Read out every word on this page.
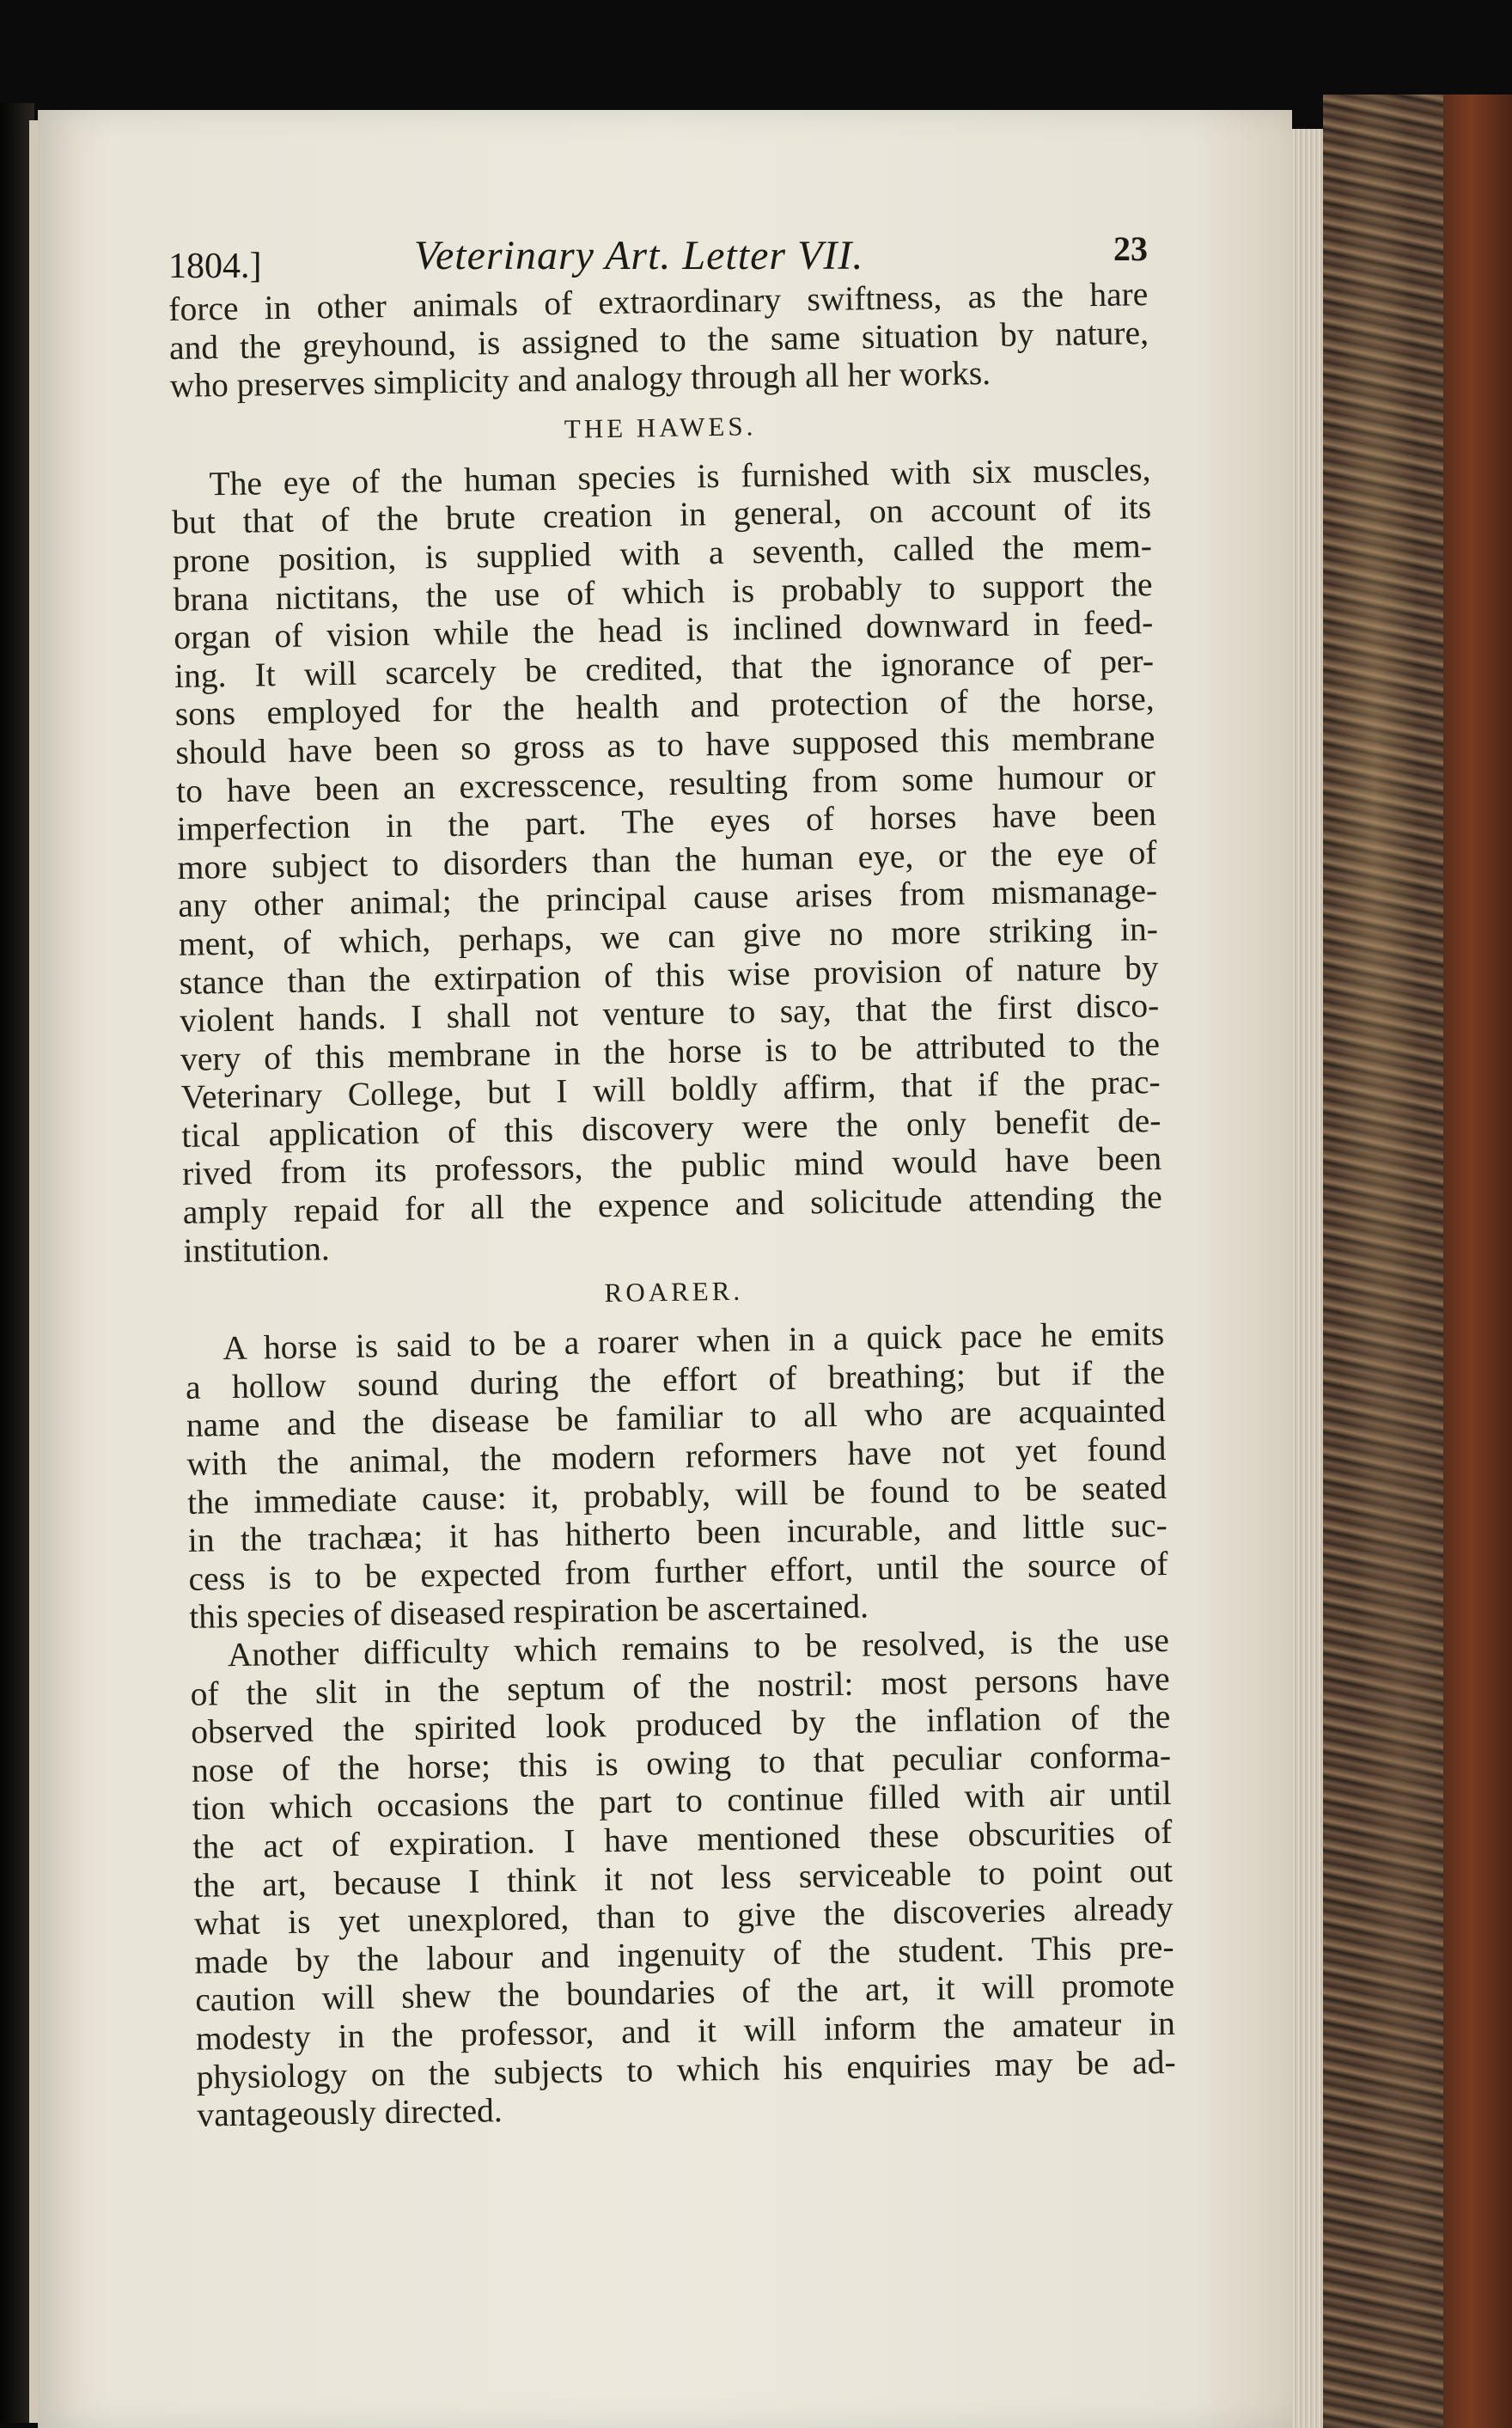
1804.]	Veterinary Art. Letter VII.	23
force in other animals of extraordinary swiftness, as the hare
and the greyhound, is assigned to the same situation by nature,
who preserves simplicity and analogy through all her works.
THE HAWES.
The eye of the human species is furnished with six muscles,
but that of the brute creation in general, on account of its
prone position, is supplied with a seventh, called the mem-
brana nictitans, the use of which is probably to support the
organ of vision while the head is inclined downward in feed-
ing. It will scarcely be credited, that the ignorance of per-
sons employed for the health and protection of the horse,
should have been so gross as to have supposed this membrane
to have been an excresscence, resulting from some humour or
imperfection in the part. The eyes of horses have been
more subject to disorders than the human eye, or the eye of
any other animal; the principal cause arises from mismanage-
ment, of which, perhaps, we can give no more striking in-
stance than the extirpation of this wise provision of nature by
violent hands. I shall not venture to say, that the first disco-
very of this membrane in the horse is to be attributed to the
Veterinary College, but I will boldly affirm, that if the prac-
tical application of this discovery were the only benefit de-
rived from its professors, the public mind would have been
amply repaid for all the expence and solicitude attending the
institution.
ROARER.
A horse is said to be a roarer when in a quick pace he emits
a hollow sound during the effort of breathing; but if the
name and the disease be familiar to all who are acquainted
with the animal, the modern reformers have not yet found
the immediate cause: it, probably, will be found to be seated
in the trachæa; it has hitherto been incurable, and little suc-
cess is to be expected from further effort, until the source of
this species of diseased respiration be ascertained.
Another difficulty which remains to be resolved, is the use
of the slit in the septum of the nostril: most persons have
observed the spirited look produced by the inflation of the
nose of the horse; this is owing to that peculiar conforma-
tion which occasions the part to continue filled with air until
the act of expiration. I have mentioned these obscurities of
the art, because I think it not less serviceable to point out
what is yet unexplored, than to give the discoveries already
made by the labour and ingenuity of the student. This pre-
caution will shew the boundaries of the art, it will promote
modesty in the professor, and it will inform the amateur in
physiology on the subjects to which his enquiries may be ad-
vantageously directed.
